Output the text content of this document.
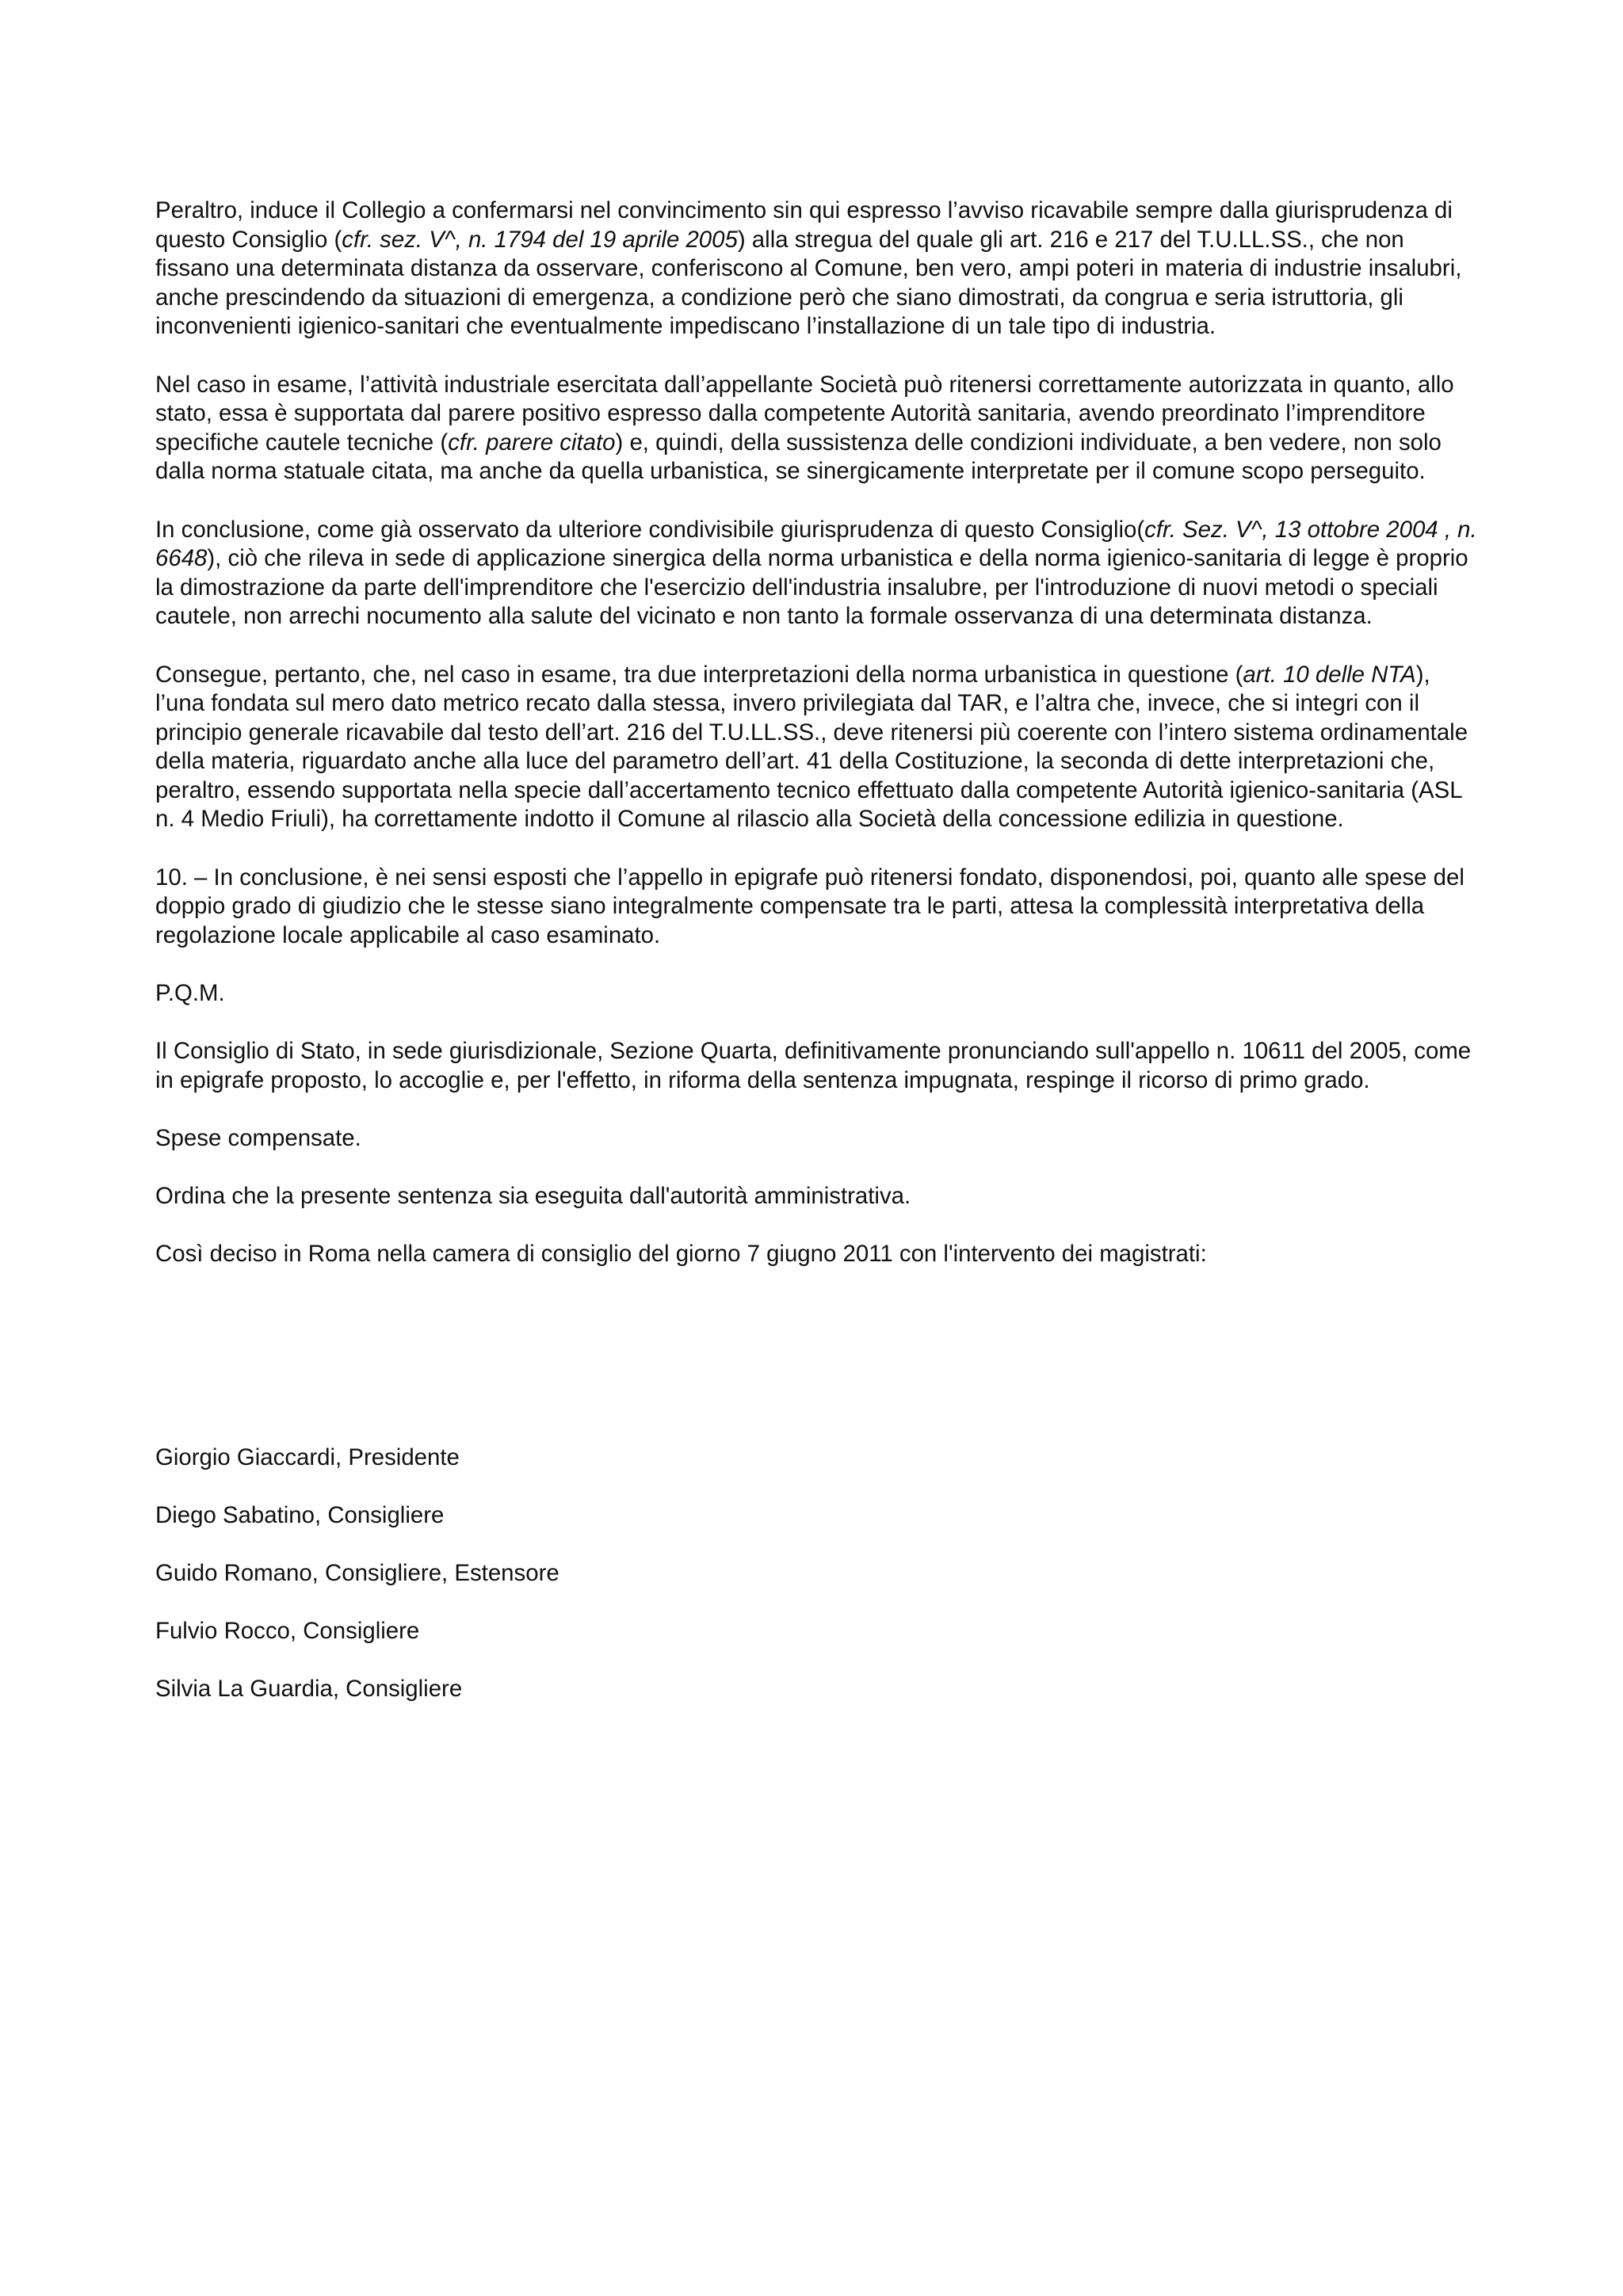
Peraltro, induce il Collegio a confermarsi nel convincimento sin qui espresso l’avviso ricavabile sempre dalla giurisprudenza di questo Consiglio (cfr. sez. V^, n. 1794 del 19 aprile 2005) alla stregua del quale gli art. 216 e 217 del T.U.LL.SS., che non fissano una determinata distanza da osservare, conferiscono al Comune, ben vero, ampi poteri in materia di industrie insalubri, anche prescindendo da situazioni di emergenza, a condizione però che siano dimostrati, da congrua e seria istruttoria, gli inconvenienti igienico-sanitari che eventualmente impediscano l’installazione di un tale tipo di industria.

Nel caso in esame, l’attività industriale esercitata dall’appellante Società può ritenersi correttamente autorizzata in quanto, allo stato, essa è supportata dal parere positivo espresso dalla competente Autorità sanitaria, avendo preordinato l’imprenditore specifiche cautele tecniche (cfr. parere citato) e, quindi, della sussistenza delle condizioni individuate, a ben vedere, non solo dalla norma statuale citata, ma anche da quella urbanistica, se sinergicamente interpretate per il comune scopo perseguito.

In conclusione, come già osservato da ulteriore condivisibile giurisprudenza di questo Consiglio(cfr. Sez. V^, 13 ottobre 2004 , n. 6648), ciò che rileva in sede di applicazione sinergica della norma urbanistica e della norma igienico-sanitaria di legge è proprio la dimostrazione da parte dell'imprenditore che l'esercizio dell'industria insalubre, per l'introduzione di nuovi metodi o speciali cautele, non arrechi nocumento alla salute del vicinato e non tanto la formale osservanza di una determinata distanza.

Consegue, pertanto, che, nel caso in esame, tra due interpretazioni della norma urbanistica in questione (art. 10 delle NTA), l’una fondata sul mero dato metrico recato dalla stessa, invero privilegiata dal TAR, e l’altra che, invece, che si integri con il principio generale ricavabile dal testo dell’art. 216 del T.U.LL.SS., deve ritenersi più coerente con l’intero sistema ordinamentale della materia, riguardato anche alla luce del parametro dell’art. 41 della Costituzione, la seconda di dette interpretazioni che, peraltro, essendo supportata nella specie dall’accertamento tecnico effettuato dalla competente Autorità igienico-sanitaria (ASL n. 4 Medio Friuli), ha correttamente indotto il Comune al rilascio alla Società della concessione edilizia in questione.

10. – In conclusione, è nei sensi esposti che l’appello in epigrafe può ritenersi fondato, disponendosi, poi, quanto alle spese del doppio grado di giudizio che le stesse siano integralmente compensate tra le parti, attesa la complessità interpretativa della regolazione locale applicabile al caso esaminato.

P.Q.M.

Il Consiglio di Stato, in sede giurisdizionale, Sezione Quarta, definitivamente pronunciando sull'appello n. 10611 del 2005, come in epigrafe proposto, lo accoglie e, per l'effetto, in riforma della sentenza impugnata, respinge il ricorso di primo grado.

Spese compensate.

Ordina che la presente sentenza sia eseguita dall'autorità amministrativa.

Così deciso in Roma nella camera di consiglio del giorno 7 giugno 2011 con l'intervento dei magistrati:

Giorgio Giaccardi, Presidente

Diego Sabatino, Consigliere

Guido Romano, Consigliere, Estensore

Fulvio Rocco, Consigliere

Silvia La Guardia, Consigliere
